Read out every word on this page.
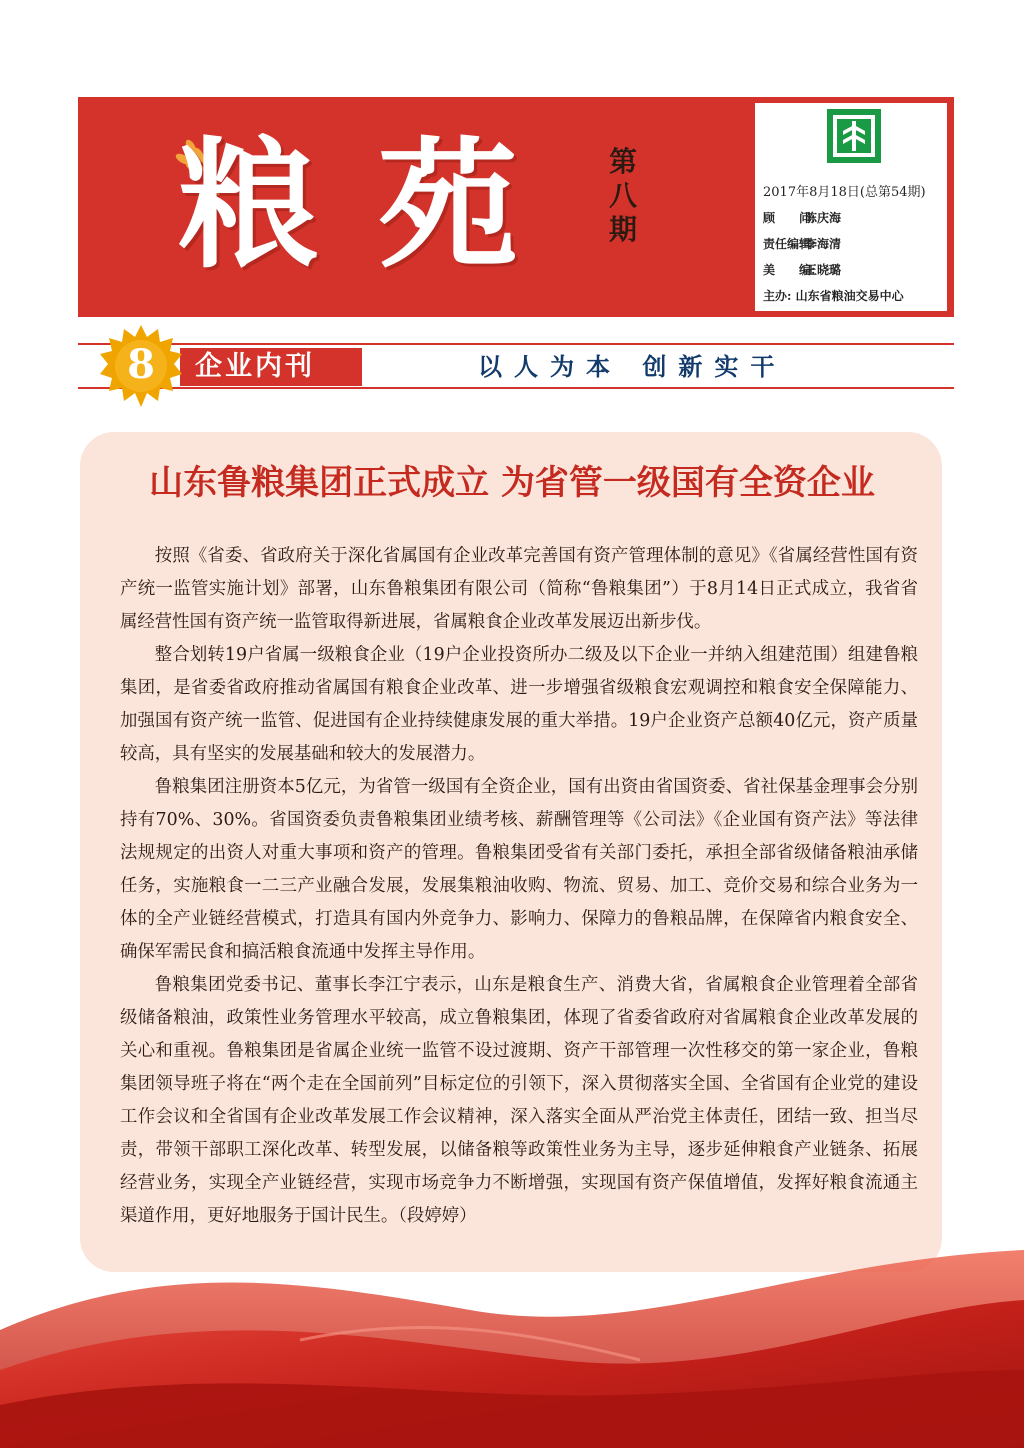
粮 苑	第
八
期
2017年8月18日(总第54期)
顾　　问:陈庆海
责任编辑:李海清
美　　编:王晓璐
主办: 山东省粮油交易中心
企业内刊
8	以人为本 创新实干
山东鲁粮集团正式成立 为省管一级国有全资企业

按照《省委、省政府关于深化省属国有企业改革完善国有资产管理体制的意见》《省属经营性国有资产统一监管实施计划》部署，山东鲁粮集团有限公司（简称“鲁粮集团”）于8月14日正式成立，我省省属经营性国有资产统一监管取得新进展，省属粮食企业改革发展迈出新步伐。

整合划转19户省属一级粮食企业（19户企业投资所办二级及以下企业一并纳入组建范围）组建鲁粮集团，是省委省政府推动省属国有粮食企业改革、进一步增强省级粮食宏观调控和粮食安全保障能力、加强国有资产统一监管、促进国有企业持续健康发展的重大举措。19户企业资产总额40亿元，资产质量较高，具有坚实的发展基础和较大的发展潜力。

鲁粮集团注册资本5亿元，为省管一级国有全资企业，国有出资由省国资委、省社保基金理事会分别持有70%、30%。省国资委负责鲁粮集团业绩考核、薪酬管理等《公司法》《企业国有资产法》等法律法规规定的出资人对重大事项和资产的管理。鲁粮集团受省有关部门委托，承担全部省级储备粮油承储任务，实施粮食一二三产业融合发展，发展集粮油收购、物流、贸易、加工、竞价交易和综合业务为一体的全产业链经营模式，打造具有国内外竞争力、影响力、保障力的鲁粮品牌，在保障省内粮食安全、确保军需民食和搞活粮食流通中发挥主导作用。

鲁粮集团党委书记、董事长李江宁表示，山东是粮食生产、消费大省，省属粮食企业管理着全部省级储备粮油，政策性业务管理水平较高，成立鲁粮集团，体现了省委省政府对省属粮食企业改革发展的关心和重视。鲁粮集团是省属企业统一监管不设过渡期、资产干部管理一次性移交的第一家企业，鲁粮集团领导班子将在“两个走在全国前列”目标定位的引领下，深入贯彻落实全国、全省国有企业党的建设工作会议和全省国有企业改革发展工作会议精神，深入落实全面从严治党主体责任，团结一致、担当尽责，带领干部职工深化改革、转型发展，以储备粮等政策性业务为主导，逐步延伸粮食产业链条、拓展经营业务，实现全产业链经营，实现市场竞争力不断增强，实现国有资产保值增值，发挥好粮食流通主渠道作用，更好地服务于国计民生。（段婷婷）
